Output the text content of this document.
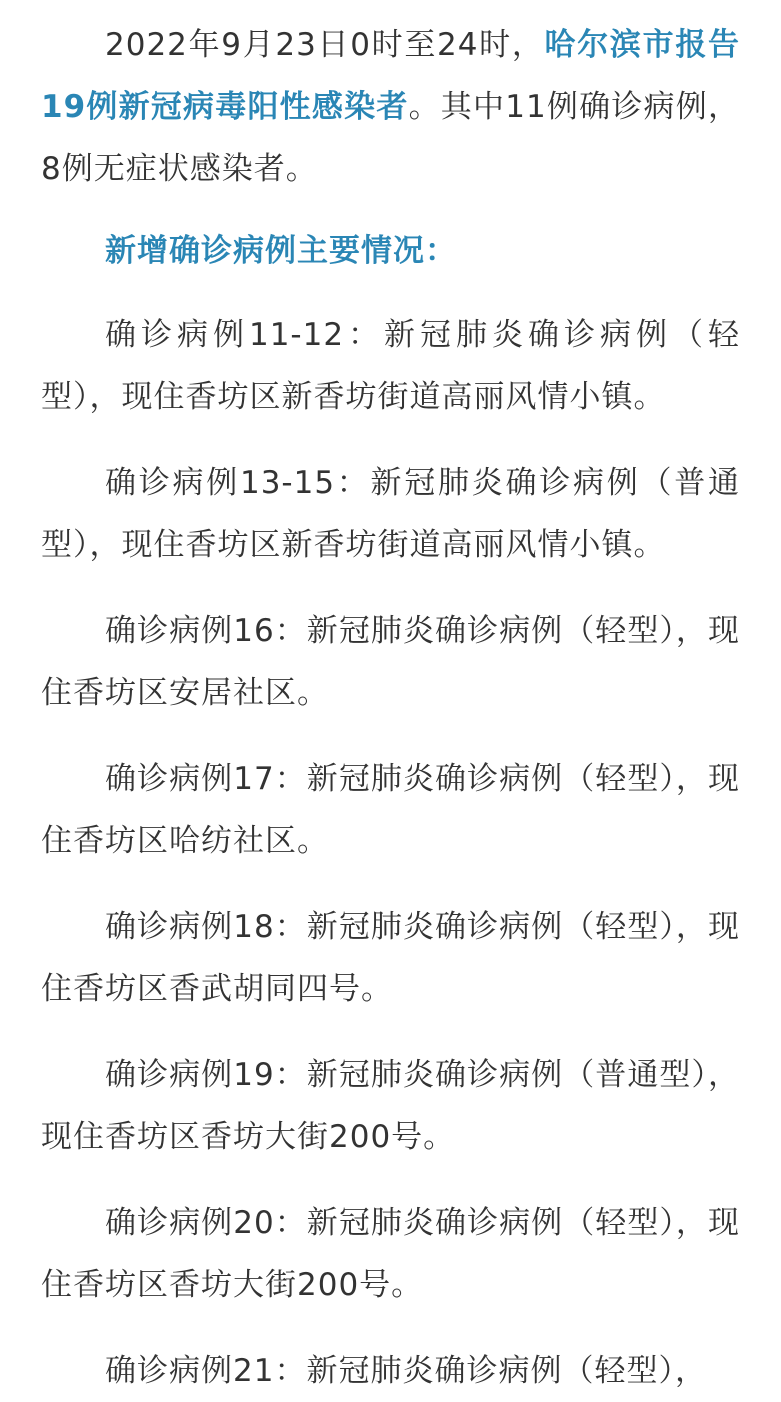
2022年9月23日0时至24时，哈尔滨市报告19例新冠病毒阳性感染者。其中11例确诊病例，8例无症状感染者。

新增确诊病例主要情况：

确诊病例11-12：新冠肺炎确诊病例（轻型），现住香坊区新香坊街道高丽风情小镇。

确诊病例13-15：新冠肺炎确诊病例（普通型），现住香坊区新香坊街道高丽风情小镇。

确诊病例16：新冠肺炎确诊病例（轻型），现住香坊区安居社区。

确诊病例17：新冠肺炎确诊病例（轻型），现住香坊区哈纺社区。

确诊病例18：新冠肺炎确诊病例（轻型），现住香坊区香武胡同四号。

确诊病例19：新冠肺炎确诊病例（普通型），现住香坊区香坊大街200号。

确诊病例20：新冠肺炎确诊病例（轻型），现住香坊区香坊大街200号。

确诊病例21：新冠肺炎确诊病例（轻型），
